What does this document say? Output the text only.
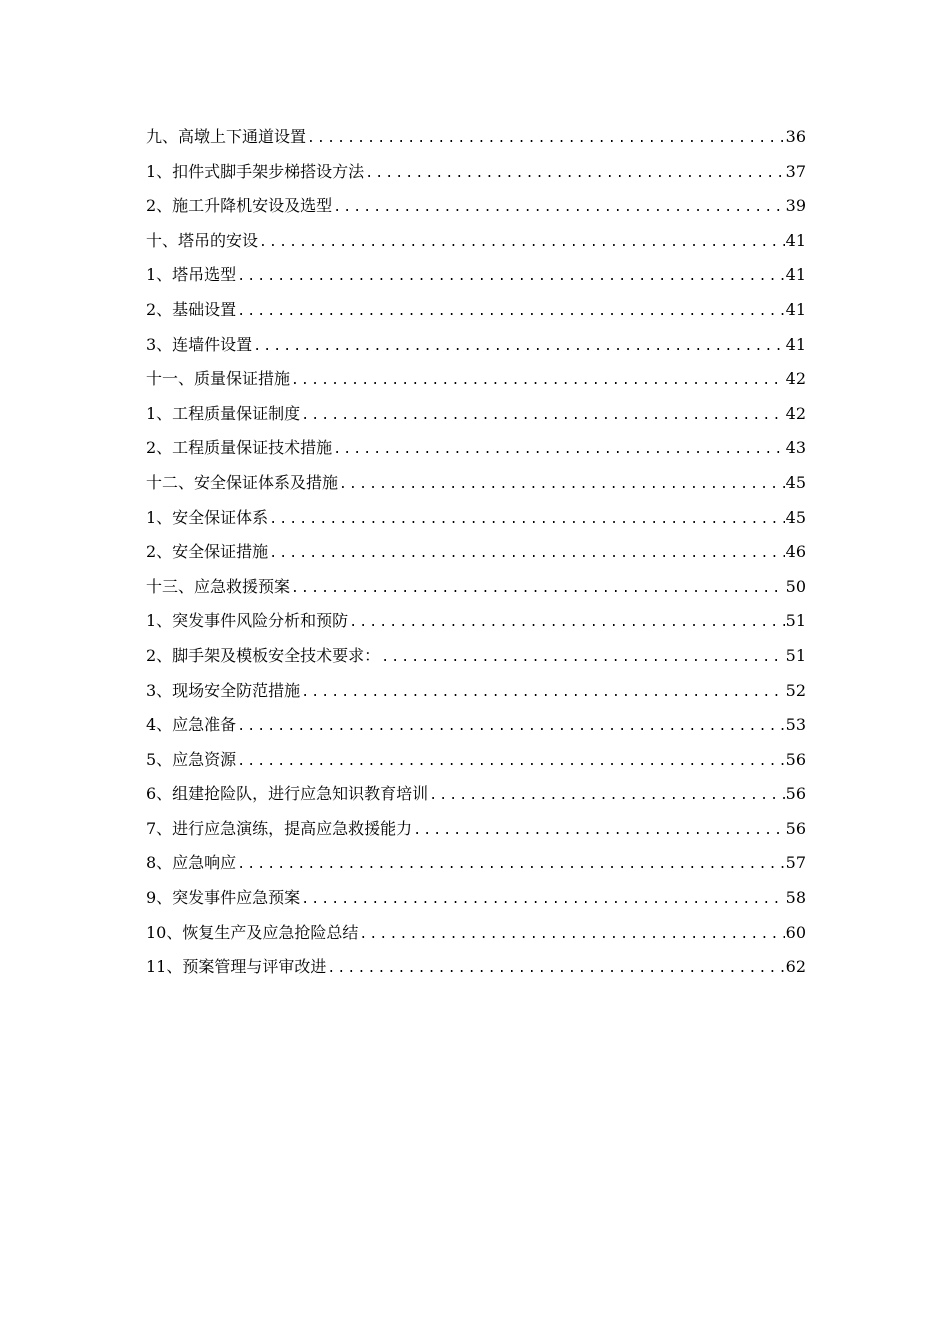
九、高墩上下通道设置 .....	36
1、扣件式脚手架步梯搭设方法 .....	37
2、施工升降机安设及选型 .....	39
十、塔吊的安设 .....	41
1、塔吊选型 .....	41
2、基础设置 .....	41
3、连墙件设置 .....	41
十一、质量保证措施 .....	42
1、工程质量保证制度 .....	42
2、工程质量保证技术措施 .....	43
十二、安全保证体系及措施 .....	45
1、安全保证体系 .....	45
2、安全保证措施 .....	46
十三、应急救援预案 .....	50
1、突发事件风险分析和预防 .....	51
2、脚手架及模板安全技术要求： .....	51
3、现场安全防范措施 .....	52
4、应急准备 .....	53
5、应急资源 .....	56
6、组建抢险队，进行应急知识教育培训 .....	56
7、进行应急演练，提高应急救援能力 .....	56
8、应急响应 .....	57
9、突发事件应急预案 .....	58
10、恢复生产及应急抢险总结 .....	60
11、预案管理与评审改进 .....	62
